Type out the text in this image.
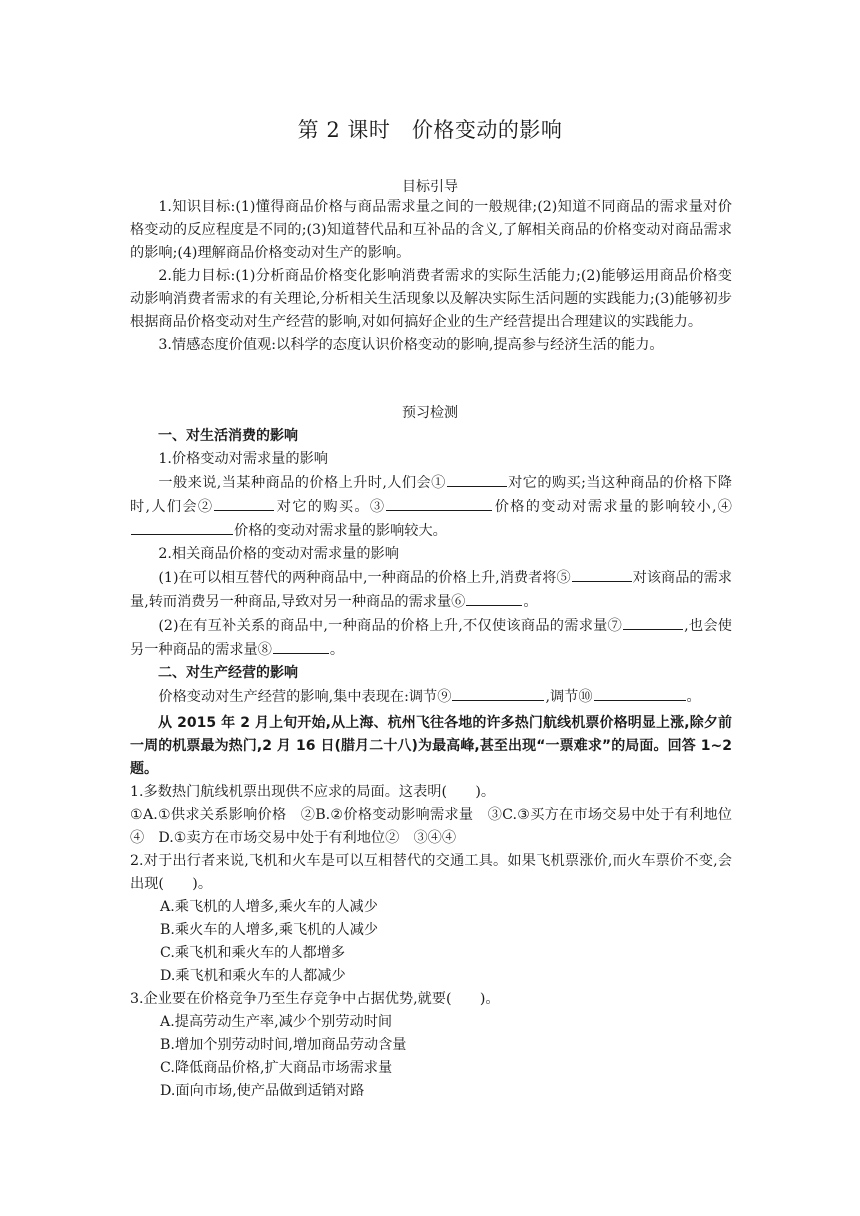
第 2 课时　价格变动的影响
目标引导

1.知识目标:(1)懂得商品价格与商品需求量之间的一般规律;(2)知道不同商品的需求量对价格变动的反应程度是不同的;(3)知道替代品和互补品的含义,了解相关商品的价格变动对商品需求的影响;(4)理解商品价格变动对生产的影响。

2.能力目标:(1)分析商品价格变化影响消费者需求的实际生活能力;(2)能够运用商品价格变动影响消费者需求的有关理论,分析相关生活现象以及解决实际生活问题的实践能力;(3)能够初步根据商品价格变动对生产经营的影响,对如何搞好企业的生产经营提出合理建议的实践能力。

3.情感态度价值观:以科学的态度认识价格变动的影响,提高参与经济生活的能力。

预习检测

一、对生活消费的影响

1.价格变动对需求量的影响

一般来说,当某种商品的价格上升时,人们会①	对它的购买;当这种商品的价格下降时,人们会②	对它的购买。③	价格的变动对需求量的影响较小,④价格的变动对需求量的影响较大。

2.相关商品价格的变动对需求量的影响

(1)在可以相互替代的两种商品中,一种商品的价格上升,消费者将⑤	对该商品的需求量,转而消费另一种商品,导致对另一种商品的需求量⑥	。

(2)在有互补关系的商品中,一种商品的价格上升,不仅使该商品的需求量⑦	,也会使另一种商品的需求量⑧	。

二、对生产经营的影响

价格变动对生产经营的影响,集中表现在:调节⑨	,调节⑩	。

从 2015 年 2 月上旬开始,从上海、杭州飞往各地的许多热门航线机票价格明显上涨,除夕前一周的机票最为热门,2 月 16 日(腊月二十八)为最高峰,甚至出现“一票难求”的局面。回答 1~2 题。

1.多数热门航线机票出现供不应求的局面。这表明(　　)。

①A.①供求关系影响价格　②B.②价格变动影响需求量　③C.③买方在市场交易中处于有利地位　④　D.①卖方在市场交易中处于有利地位②　③④④

2.对于出行者来说,飞机和火车是可以互相替代的交通工具。如果飞机票涨价,而火车票价不变,会出现(　　)。

A.乘飞机的人增多,乘火车的人减少

B.乘火车的人增多,乘飞机的人减少

C.乘飞机和乘火车的人都增多

D.乘飞机和乘火车的人都减少

3.企业要在价格竞争乃至生存竞争中占据优势,就要(　　)。

A.提高劳动生产率,减少个别劳动时间

B.增加个别劳动时间,增加商品劳动含量

C.降低商品价格,扩大商品市场需求量

D.面向市场,使产品做到适销对路
